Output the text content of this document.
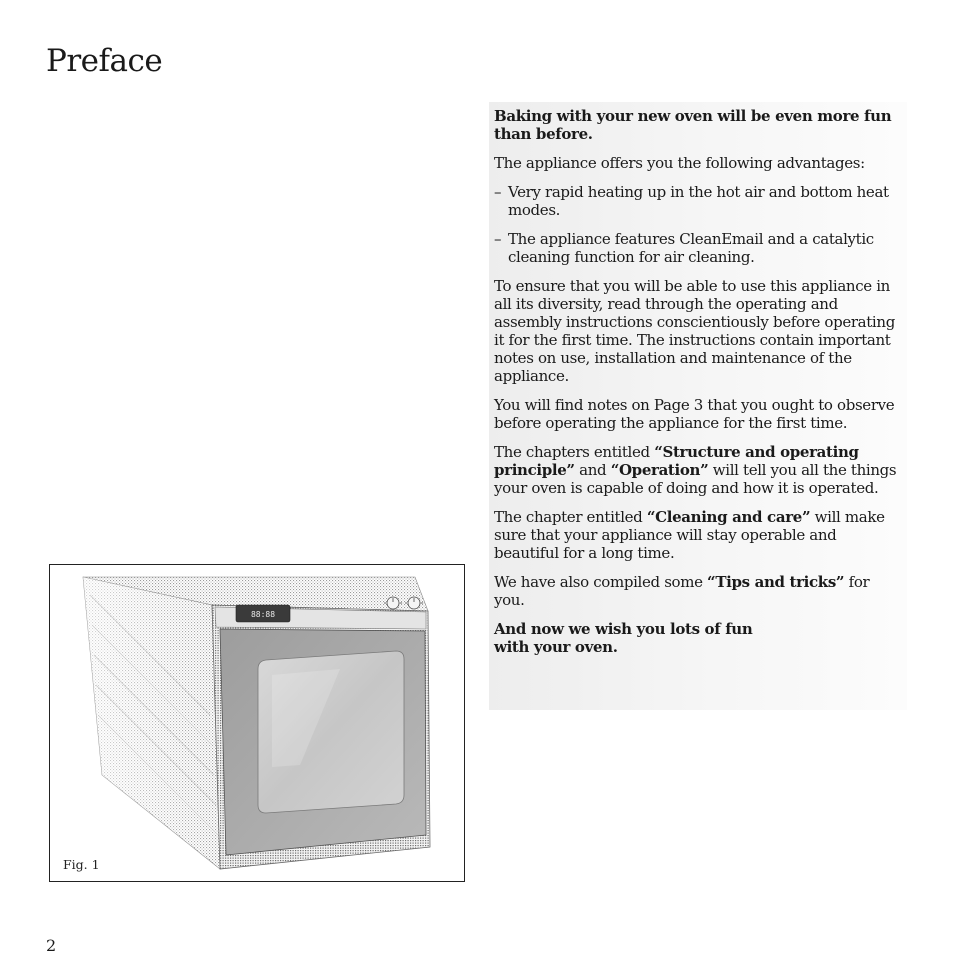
Preface

Baking with your new oven will be even more fun than before.

The appliance offers you the following advantages:

– Very rapid heating up in the hot air and bottom heat modes.

– The appliance features CleanEmail and a catalytic cleaning function for air cleaning.

To ensure that you will be able to use this appliance in all its diversity, read through the operating and assembly instructions conscientiously before operating it for the first time. The instructions contain important notes on use, installation and maintenance of the appliance.

You will find notes on Page 3 that you ought to observe before operating the appliance for the first time.

The chapters entitled “Structure and operating principle” and “Operation” will tell you all the things your oven is capable of doing and how it is operated.

The chapter entitled “Cleaning and care” will make sure that your appliance will stay operable and beautiful for a long time.

We have also compiled some “Tips and tricks” for you.

And now we wish you lots of fun
with your oven.

88:88
Fig. 1
2
